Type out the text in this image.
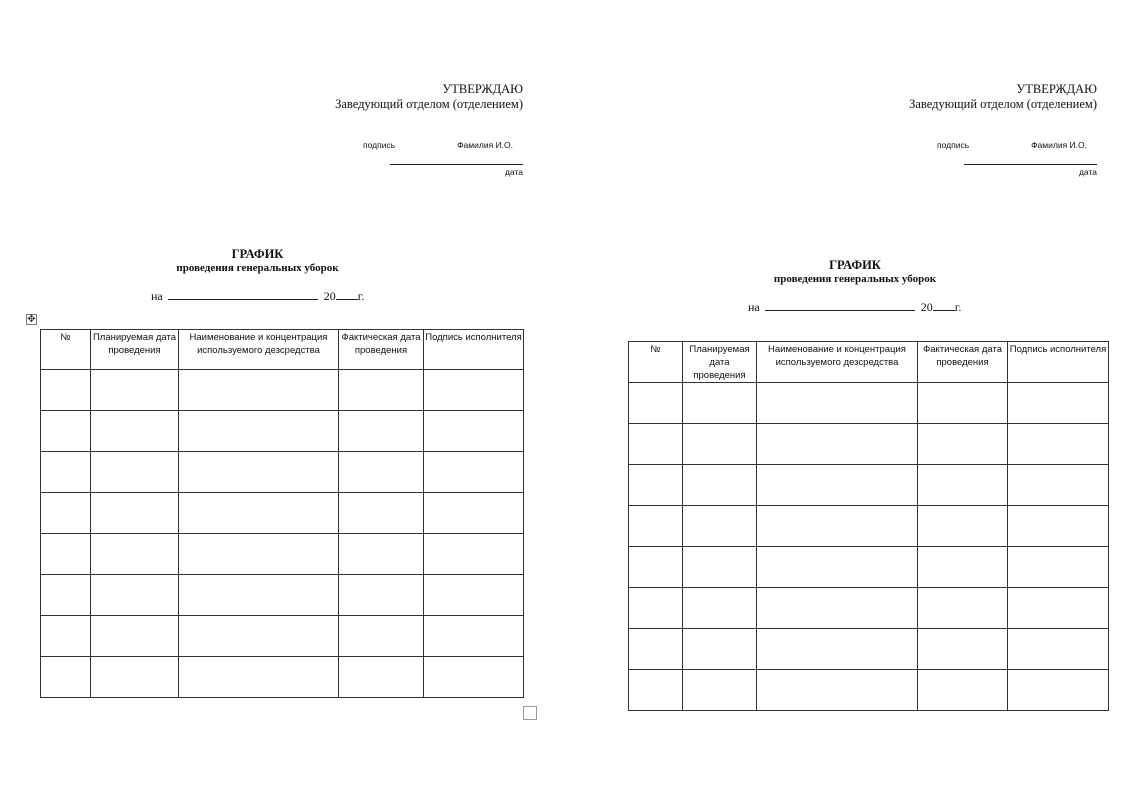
УТВЕРЖДАЮ
Заведующий отделом (отделением)
подпись	Фамилия И.О.
дата
ГРАФИК
проведения генеральных уборок
на	20 г.
✥
№	Планируемая дата проведения	Наименование и концентрация используемого дезсредства	Фактическая дата проведения	Подпись исполнителя

УТВЕРЖДАЮ
Заведующий отделом (отделением)
подпись	Фамилия И.О.
дата
ГРАФИК
проведения генеральных уборок
на	20 г.
№	Планируемая дата проведения	Наименование и концентрация используемого дезсредства	Фактическая дата проведения	Подпись исполнителя
